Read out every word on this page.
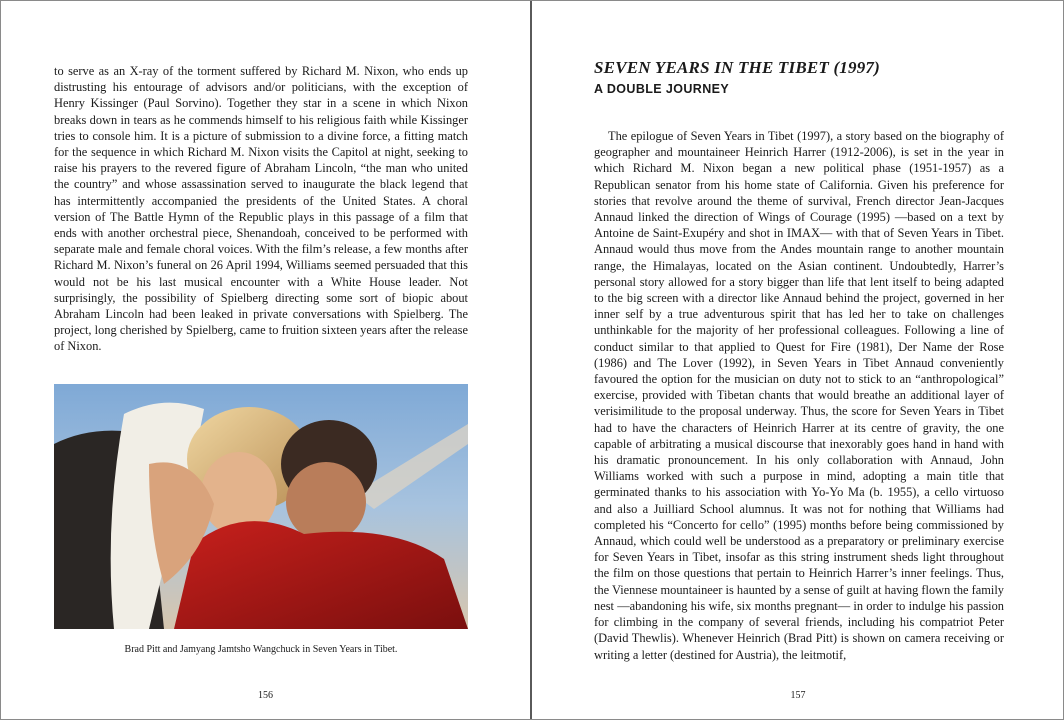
to serve as an X-ray of the torment suffered by Richard M. Nixon, who ends up distrusting his entourage of advisors and/or politicians, with the exception of Henry Kissinger (Paul Sorvino). Together they star in a scene in which Nixon breaks down in tears as he commends himself to his religious faith while Kissinger tries to console him. It is a picture of submission to a divine force, a fitting match for the sequence in which Richard M. Nixon visits the Capitol at night, seeking to raise his prayers to the revered figure of Abraham Lincoln, “the man who united the country” and whose assassination served to inaugurate the black legend that has intermittently accompanied the presidents of the United States. A choral version of The Battle Hymn of the Republic plays in this passage of a film that ends with another orchestral piece, Shenandoah, conceived to be performed with separate male and female choral voices. With the film’s release, a few months after Richard M. Nixon’s funeral on 26 April 1994, Williams seemed persuaded that this would not be his last musical encounter with a White House leader. Not surprisingly, the possibility of Spielberg directing some sort of biopic about Abraham Lincoln had been leaked in private conversations with Spielberg. The project, long cherished by Spielberg, came to fruition sixteen years after the release of Nixon.

Brad Pitt and Jamyang Jamtsho Wangchuck in Seven Years in Tibet.
156
SEVEN YEARS IN THE TIBET (1997)
A DOUBLE JOURNEY

The epilogue of Seven Years in Tibet (1997), a story based on the biography of geographer and mountaineer Heinrich Harrer (1912-2006), is set in the year in which Richard M. Nixon began a new political phase (1951-1957) as a Republican senator from his home state of California. Given his preference for stories that revolve around the theme of survival, French director Jean-Jacques Annaud linked the direction of Wings of Courage (1995) —based on a text by Antoine de Saint-Exupéry and shot in IMAX— with that of Seven Years in Tibet. Annaud would thus move from the Andes mountain range to another mountain range, the Himalayas, located on the Asian continent. Undoubtedly, Harrer’s personal story allowed for a story bigger than life that lent itself to being adapted to the big screen with a director like Annaud behind the project, governed in her inner self by a true adventurous spirit that has led her to take on challenges unthinkable for the majority of her professional colleagues. Following a line of conduct similar to that applied to Quest for Fire (1981), Der Name der Rose (1986) and The Lover (1992), in Seven Years in Tibet Annaud conveniently favoured the option for the musician on duty not to stick to an “anthropological” exercise, provided with Tibetan chants that would breathe an additional layer of verisimilitude to the proposal underway. Thus, the score for Seven Years in Tibet had to have the characters of Heinrich Harrer at its centre of gravity, the one capable of arbitrating a musical discourse that inexorably goes hand in hand with his dramatic pronouncement. In his only collaboration with Annaud, John Williams worked with such a purpose in mind, adopting a main title that germinated thanks to his association with Yo-Yo Ma (b. 1955), a cello virtuoso and also a Juilliard School alumnus. It was not for nothing that Williams had completed his “Concerto for cello” (1995) months before being commissioned by Annaud, which could well be understood as a preparatory or preliminary exercise for Seven Years in Tibet, insofar as this string instrument sheds light throughout the film on those questions that pertain to Heinrich Harrer’s inner feelings. Thus, the Viennese mountaineer is haunted by a sense of guilt at having flown the family nest —abandoning his wife, six months pregnant— in order to indulge his passion for climbing in the company of several friends, including his compatriot Peter (David Thewlis). Whenever Heinrich (Brad Pitt) is shown on camera receiving or writing a letter (destined for Austria), the leitmotif,

157
